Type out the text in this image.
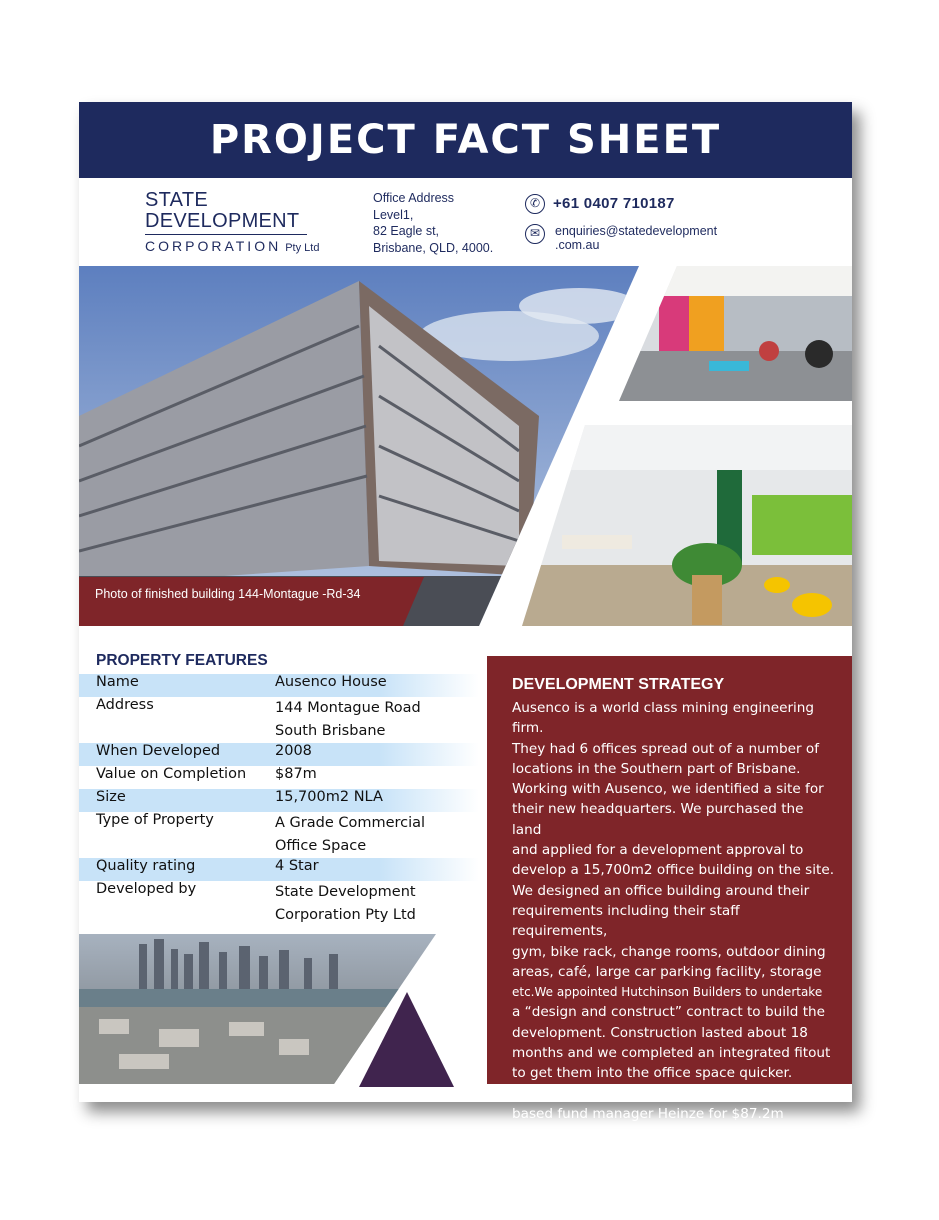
PROJECT FACT SHEET
STATE
DEVELOPMENT
CORPORATION Pty Ltd
Office Address
Level1,
82 Eagle st,
Brisbane, QLD, 4000.
✆ +61 0407 710187
✉	enquiries@statedevelopment .com.au
Photo of finished building 144-Montague -Rd-34
PROPERTY FEATURES
Name	Ausenco House
Address	144 Montague Road
South Brisbane
When Developed	2008
Value on Completion $87m
Size	15,700m2 NLA
Type of Property	A Grade Commercial
Office Space
Quality rating	4 Star
Developed by	State Development
Corporation Pty Ltd
DEVELOPMENT STRATEGY

Ausenco is a world class mining engineering firm.

They had 6 offices spread out of a number of

locations in the Southern part of Brisbane.

Working with Ausenco, we identified a site for

their new headquarters. We purchased the land

and applied for a development approval to

develop a 15,700m2 office building on the site.

We designed an office building around their

requirements including their staff requirements,

gym, bike rack, change rooms, outdoor dining

areas, café, large car parking facility, storage

etc.We appointed Hutchinson Builders to undertake

a “design and construct” contract to build the

development. Construction lasted about 18

months and we completed an integrated fitout

to get them into the office space quicker.

The property was sold on completion to American

based fund manager Heinze for $87.2m
